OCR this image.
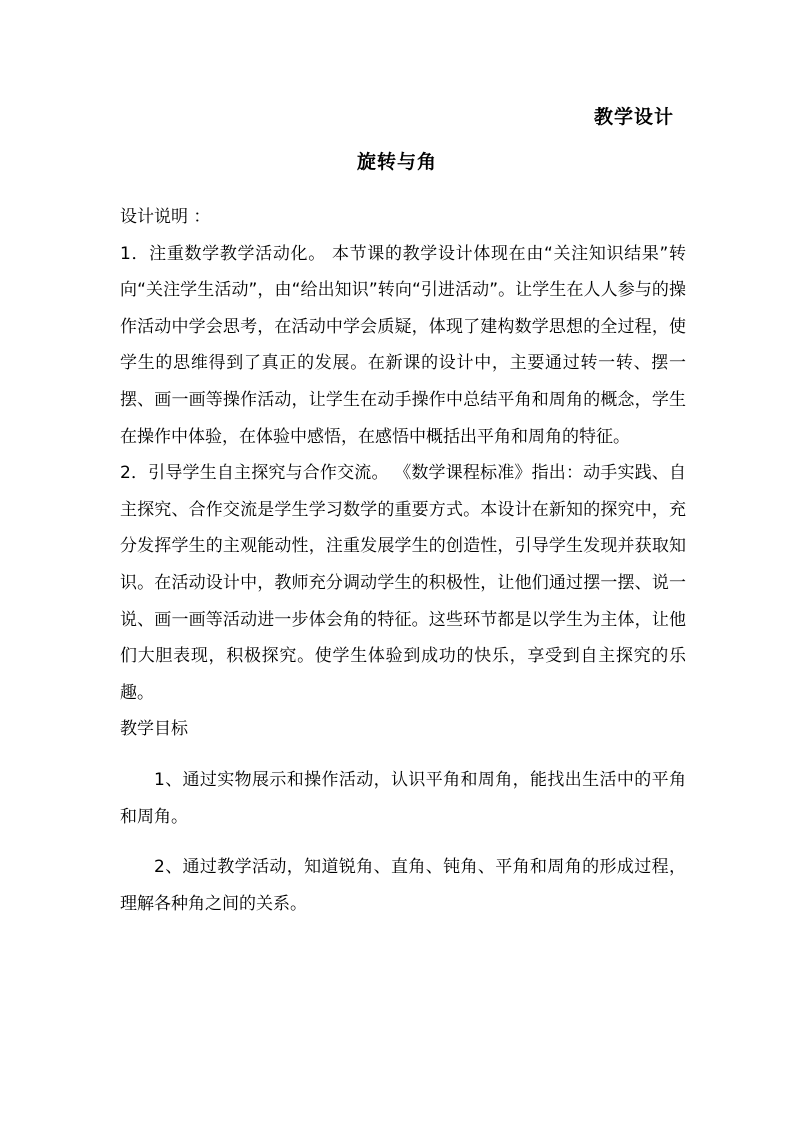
教学设计
旋转与角

设计说明 ：

1．注重数学教学活动化。 本节课的教学设计体现在由“关注知识结果”转向“关注学生活动”，由“给出知识”转向“引进活动”。让学生在人人参与的操作活动中学会思考，在活动中学会质疑，体现了建构数学思想的全过程，使学生的思维得到了真正的发展。在新课的设计中，主要通过转一转、摆一摆、画一画等操作活动，让学生在动手操作中总结平角和周角的概念，学生在操作中体验，在体验中感悟，在感悟中概括出平角和周角的特征。

2．引导学生自主探究与合作交流。 《数学课程标准》指出：动手实践、自主探究、合作交流是学生学习数学的重要方式。本设计在新知的探究中，充分发挥学生的主观能动性，注重发展学生的创造性，引导学生发现并获取知识。在活动设计中，教师充分调动学生的积极性，让他们通过摆一摆、说一说、画一画等活动进一步体会角的特征。这些环节都是以学生为主体，让他们大胆表现，积极探究。使学生体验到成功的快乐，享受到自主探究的乐趣。

教学目标

1、通过实物展示和操作活动，认识平角和周角，能找出生活中的平角和周角。

2、通过教学活动，知道锐角、直角、钝角、平角和周角的形成过程，理解各种角之间的关系。
